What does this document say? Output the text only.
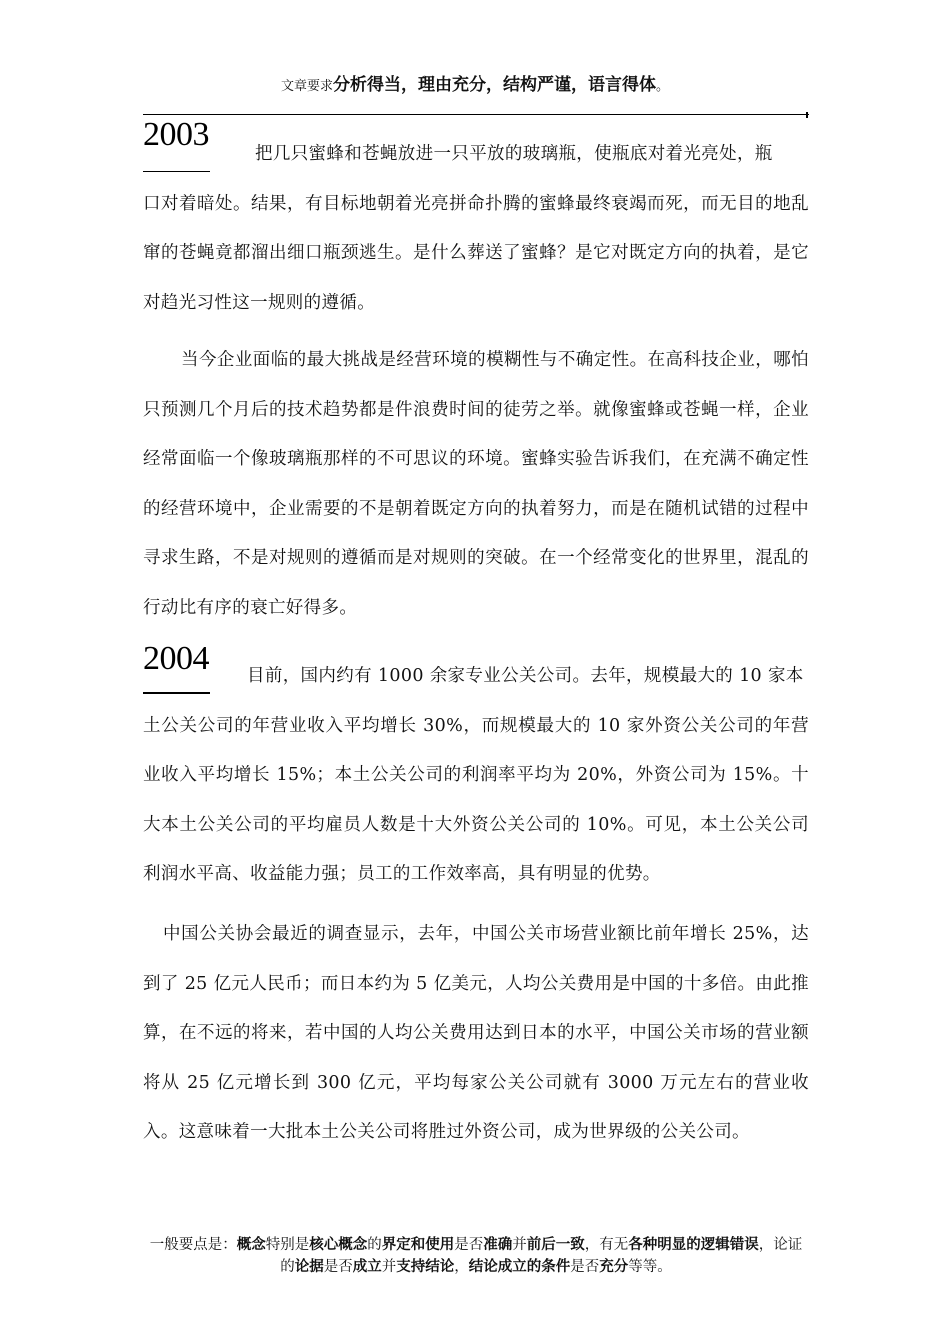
文章要求分析得当，理由充分，结构严谨，语言得体。
2003
把几只蜜蜂和苍蝇放进一只平放的玻璃瓶，使瓶底对着光亮处，瓶
口对着暗处。结果，有目标地朝着光亮拼命扑腾的蜜蜂最终衰竭而死，而无目的地乱窜的苍蝇竟都溜出细口瓶颈逃生。是什么葬送了蜜蜂？是它对既定方向的执着，是它对趋光习性这一规则的遵循。
当今企业面临的最大挑战是经营环境的模糊性与不确定性。在高科技企业，哪怕只预测几个月后的技术趋势都是件浪费时间的徒劳之举。就像蜜蜂或苍蝇一样，企业经常面临一个像玻璃瓶那样的不可思议的环境。蜜蜂实验告诉我们，在充满不确定性的经营环境中，企业需要的不是朝着既定方向的执着努力，而是在随机试错的过程中寻求生路，不是对规则的遵循而是对规则的突破。在一个经常变化的世界里，混乱的行动比有序的衰亡好得多。
2004	目前，国内约有 1000 余家专业公关公司。去年，规模最大的 10 家本
土公关公司的年营业收入平均增长 30%，而规模最大的 10 家外资公关公司的年营业收入平均增长 15%；本土公关公司的利润率平均为 20%，外资公司为 15%。十大本土公关公司的平均雇员人数是十大外资公关公司的 10%。可见，本土公关公司利润水平高、收益能力强；员工的工作效率高，具有明显的优势。
中国公关协会最近的调查显示，去年，中国公关市场营业额比前年增长 25%，达到了 25 亿元人民币；而日本约为 5 亿美元，人均公关费用是中国的十多倍。由此推算，在不远的将来，若中国的人均公关费用达到日本的水平，中国公关市场的营业额将从 25 亿元增长到 300 亿元，平均每家公关公司就有 3000 万元左右的营业收入。这意味着一大批本土公关公司将胜过外资公司，成为世界级的公关公司。
一般要点是：概念特别是核心概念的界定和使用是否准确并前后一致，有无各种明显的逻辑错误，论证的论据是否成立并支持结论，结论成立的条件是否充分等等。
